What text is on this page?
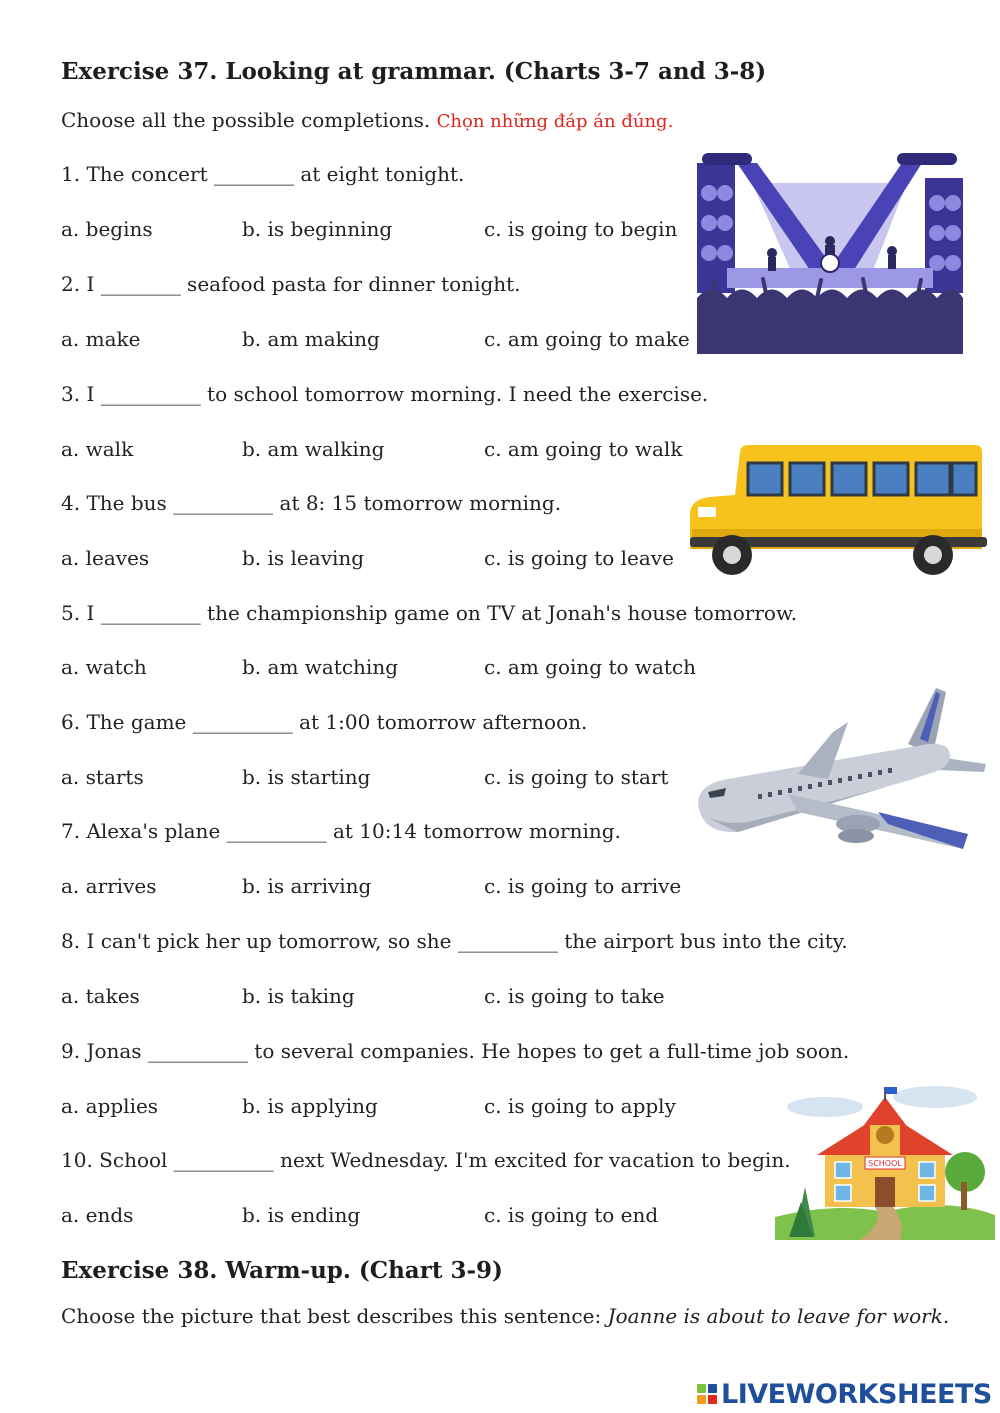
Exercise 37. Looking at grammar. (Charts 3-7 and 3-8)
Choose all the possible completions. Chọn những đáp án đúng.
1. The concert ________ at eight tonight.
a. begins	b. is beginning	c. is going to begin
2. I ________ seafood pasta for dinner tonight.
a. make	b. am making	c. am going to make
3. I __________ to school tomorrow morning. I need the exercise.
a. walk	b. am walking	c. am going to walk
4. The bus __________ at 8: 15 tomorrow morning.
a. leaves	b. is leaving	c. is going to leave
5. I __________ the championship game on TV at Jonah's house tomorrow.
a. watch	b. am watching	c. am going to watch
6. The game __________ at 1:00 tomorrow afternoon.
a. starts	b. is starting	c. is going to start
7. Alexa's plane __________ at 10:14 tomorrow morning.
a. arrives	b. is arriving	c. is going to arrive
8. I can't pick her up tomorrow, so she __________ the airport bus into the city.
a. takes	b. is taking	c. is going to take
9. Jonas __________ to several companies. He hopes to get a full-time job soon.
a. applies	b. is applying	c. is going to apply
10. School __________ next Wednesday. I'm excited for vacation to begin.
a. ends	b. is ending	c. is going to end
Exercise 38. Warm-up. (Chart 3-9)
Choose the picture that best describes this sentence: Joanne is about to leave for work.
SCHOOL
LIVEWORKSHEETS
